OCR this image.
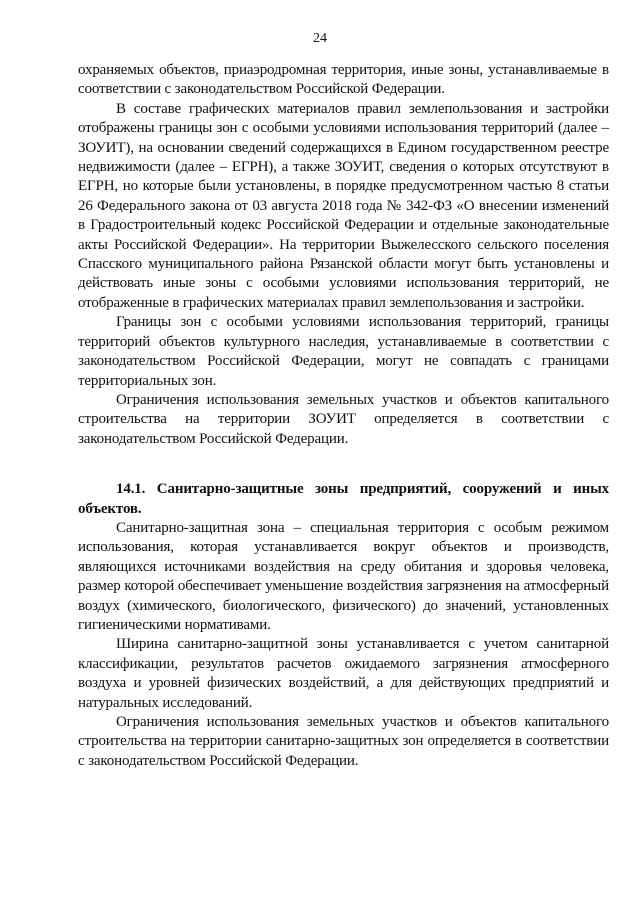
24

охраняемых объектов, приаэродромная территория, иные зоны, устанавливаемые в соответствии с законодательством Российской Федерации.

В составе графических материалов правил землепользования и застройки отображены границы зон с особыми условиями использования территорий (далее – ЗОУИТ), на основании сведений содержащихся в Едином государственном реестре недвижимости (далее – ЕГРН), а также ЗОУИТ, сведения о которых отсутствуют в ЕГРН, но которые были установлены, в порядке предусмотренном частью 8 статьи 26 Федерального закона от 03 августа 2018 года № 342-ФЗ «О внесении изменений в Градостроительный кодекс Российской Федерации и отдельные законодательные акты Российской Федерации». На территории Выжелесского сельского поселения Спасского муниципального района Рязанской области могут быть установлены и действовать иные зоны с особыми условиями использования территорий, не отображенные в графических материалах правил землепользования и застройки.

Границы зон с особыми условиями использования территорий, границы территорий объектов культурного наследия, устанавливаемые в соответствии с законодательством Российской Федерации, могут не совпадать с границами территориальных зон.

Ограничения использования земельных участков и объектов капитального строительства на территории ЗОУИТ определяется в соответствии с законодательством Российской Федерации.

14.1. Санитарно-защитные зоны предприятий, сооружений и иных объектов.

Санитарно-защитная зона – специальная территория с особым режимом использования, которая устанавливается вокруг объектов и производств, являющихся источниками воздействия на среду обитания и здоровья человека, размер которой обеспечивает уменьшение воздействия загрязнения на атмосферный воздух (химического, биологического, физического) до значений, установленных гигиеническими нормативами.

Ширина санитарно-защитной зоны устанавливается с учетом санитарной классификации, результатов расчетов ожидаемого загрязнения атмосферного воздуха и уровней физических воздействий, а для действующих предприятий и натуральных исследований.

Ограничения использования земельных участков и объектов капитального строительства на территории санитарно-защитных зон определяется в соответствии с законодательством Российской Федерации.
